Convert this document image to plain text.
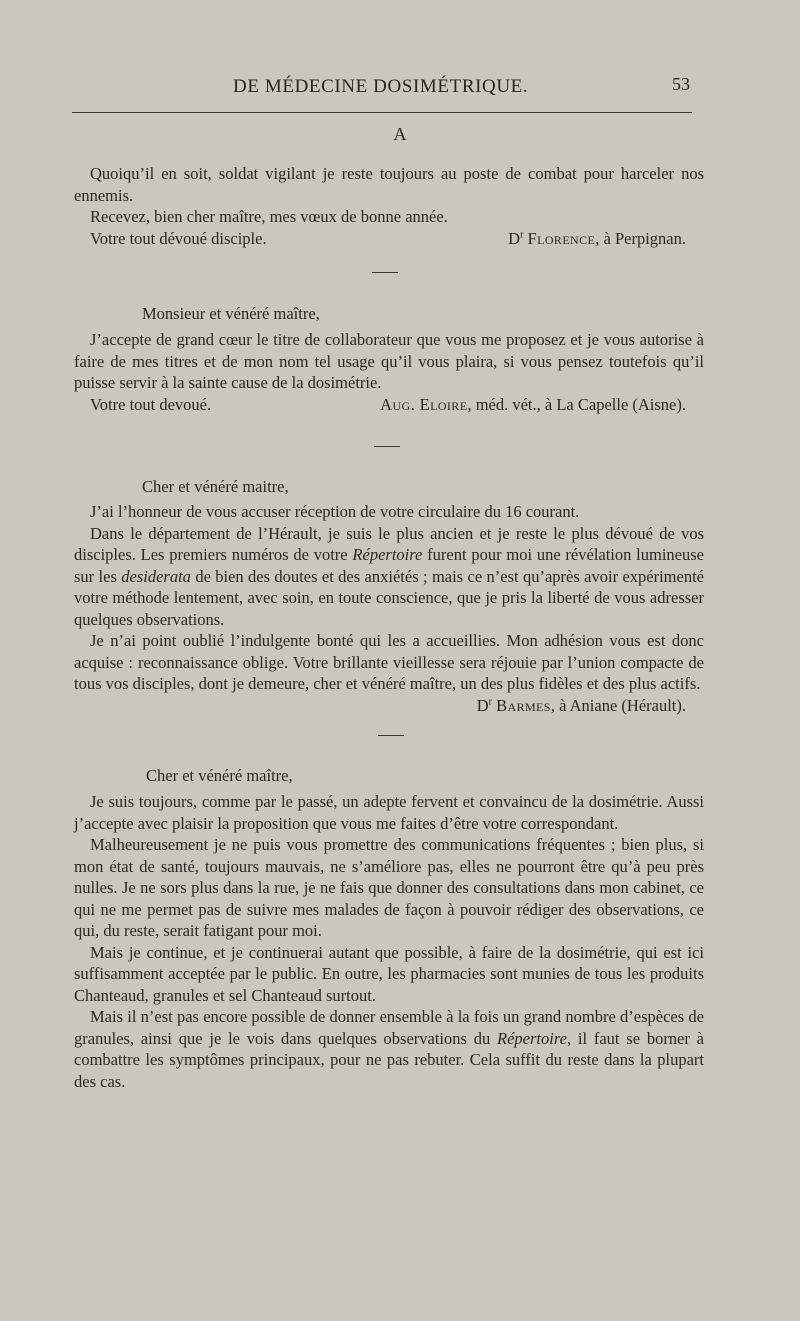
DE MÉDECINE DOSIMÉTRIQUE.	53
A

Quoiqu’il en soit, soldat vigilant je reste toujours au poste de combat pour harceler nos ennemis.

Recevez, bien cher maître, mes vœux de bonne année.

Votre tout dévoué disciple.	$D^r$ Florence, à Perpignan.
Monsieur et vénéré maître,

J’accepte de grand cœur le titre de collaborateur que vous me proposez et je vous autorise à faire de mes titres et de mon nom tel usage qu’il vous plaira, si vous pensez toutefois qu’il puisse servir à la sainte cause de la dosimétrie.

Votre tout devoué.	Aug. Eloire, méd. vét., à La Capelle (Aisne).
Cher et vénéré maitre,

J’ai l’honneur de vous accuser réception de votre circulaire du 16 courant.

Dans le département de l’Hérault, je suis le plus ancien et je reste le plus dévoué de vos disciples. Les premiers numéros de votre Répertoire furent pour moi une révélation lumineuse sur les desiderata de bien des doutes et des anxiétés ; mais ce n’est qu’après avoir expérimenté votre méthode lentement, avec soin, en toute conscience, que je pris la liberté de vous adresser quelques observations.

Je n’ai point oublié l’indulgente bonté qui les a accueillies. Mon adhésion vous est donc acquise : reconnaissance oblige. Votre brillante vieillesse sera réjouie par l’union compacte de tous vos disciples, dont je demeure, cher et vénéré maître, un des plus fidèles et des plus actifs.

$D^r$ Barmes, à Aniane (Hérault).
Cher et vénéré maître,

Je suis toujours, comme par le passé, un adepte fervent et convaincu de la dosimétrie. Aussi j’accepte avec plaisir la proposition que vous me faites d’être votre correspondant.

Malheureusement je ne puis vous promettre des communications fréquentes ; bien plus, si mon état de santé, toujours mauvais, ne s’améliore pas, elles ne pourront être qu’à peu près nulles. Je ne sors plus dans la rue, je ne fais que donner des consultations dans mon cabinet, ce qui ne me permet pas de suivre mes malades de façon à pouvoir rédiger des observations, ce qui, du reste, serait fatigant pour moi.

Mais je continue, et je continuerai autant que possible, à faire de la dosimétrie, qui est ici suffisamment acceptée par le public. En outre, les pharmacies sont munies de tous les produits Chanteaud, granules et sel Chanteaud surtout.

Mais il n’est pas encore possible de donner ensemble à la fois un grand nombre d’espèces de granules, ainsi que je le vois dans quelques observations du Répertoire, il faut se borner à combattre les symptômes principaux, pour ne pas rebuter. Cela suffit du reste dans la plupart des cas.
